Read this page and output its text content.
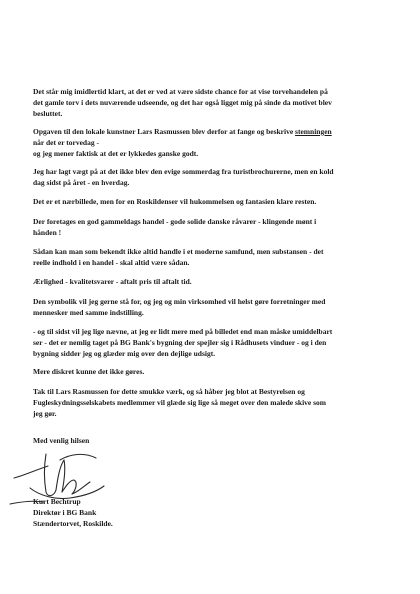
Det står mig imidlertid klart, at det er ved at være sidste chance for at vise torvehandelen på
det gamle torv i dets nuværende udseende, og det har også ligget mig på sinde da motivet blev
besluttet.

Opgaven til den lokale kunstner Lars Rasmussen blev derfor at fange og beskrive stemningen
når det er torvedag -
og jeg mener faktisk at det er lykkedes ganske godt.

Jeg har lagt vægt på at det ikke blev den evige sommerdag fra turistbrochurerne, men en kold
dag sidst på året - en hverdag.

Det er et nærbillede, men for en Roskildenser vil hukommelsen og fantasien klare resten.

Der foretages en god gammeldags handel - gode solide danske råvarer - klingende mønt i
hånden !

Sådan kan man som bekendt ikke altid handle i et moderne samfund, men substansen - det
reelle indhold i en handel - skal altid være sådan.

Ærlighed - kvalitetsvarer - aftalt pris til aftalt tid.

Den symbolik vil jeg gerne stå for, og jeg og min virksomhed vil helst gøre forretninger med
mennesker med samme indstilling.

- og til sidst vil jeg lige nævne, at jeg er lidt mere med på billedet end man måske umiddelbart
ser - det er nemlig taget på BG Bank's bygning der spejler sig i Rådhusets vinduer - og i den
bygning sidder jeg og glæder mig over den dejlige udsigt.

Mere diskret kunne det ikke gøres.

Tak til Lars Rasmussen for dette smukke værk, og så håber jeg blot at Bestyrelsen og
Fugleskydningsselskabets medlemmer vil glæde sig lige så meget over den malede skive som
jeg gør.

Med venlig hilsen
Kurt Bechtrup
Direktør i BG Bank
Stændertorvet, Roskilde.
